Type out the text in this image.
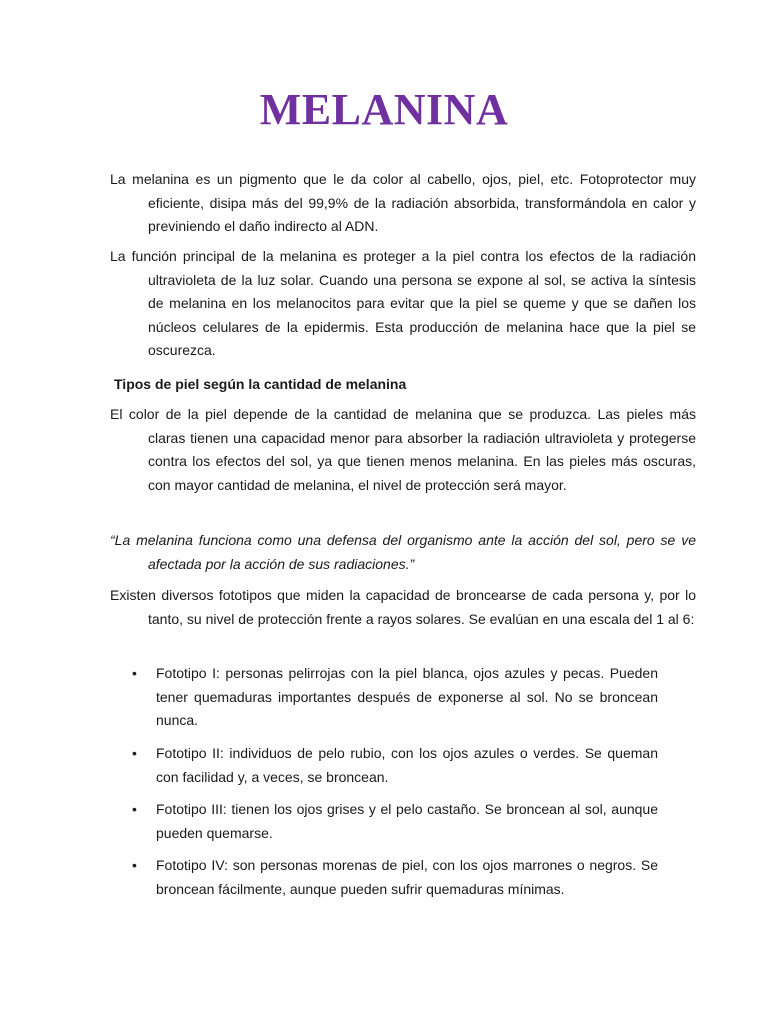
MELANINA

La melanina es un pigmento que le da color al cabello, ojos, piel, etc. Fotoprotector muy eficiente, disipa más del 99,9% de la radiación absorbida, transformándola en calor y previniendo el daño indirecto al ADN.

La función principal de la melanina es proteger a la piel contra los efectos de la radiación ultravioleta de la luz solar. Cuando una persona se expone al sol, se activa la síntesis de melanina en los melanocitos para evitar que la piel se queme y que se dañen los núcleos celulares de la epidermis. Esta producción de melanina hace que la piel se oscurezca.

Tipos de piel según la cantidad de melanina

El color de la piel depende de la cantidad de melanina que se produzca. Las pieles más claras tienen una capacidad menor para absorber la radiación ultravioleta y protegerse contra los efectos del sol, ya que tienen menos melanina. En las pieles más oscuras, con mayor cantidad de melanina, el nivel de protección será mayor.

“La melanina funciona como una defensa del organismo ante la acción del sol, pero se ve afectada por la acción de sus radiaciones.”

Existen diversos fototipos que miden la capacidad de broncearse de cada persona y, por lo tanto, su nivel de protección frente a rayos solares. Se evalúan en una escala del 1 al 6:

• Fototipo I: personas pelirrojas con la piel blanca, ojos azules y pecas. Pueden tener quemaduras importantes después de exponerse al sol. No se broncean nunca.
• Fototipo II: individuos de pelo rubio, con los ojos azules o verdes. Se queman con facilidad y, a veces, se broncean.
• Fototipo III: tienen los ojos grises y el pelo castaño. Se broncean al sol, aunque pueden quemarse.
• Fototipo IV: son personas morenas de piel, con los ojos marrones o negros. Se broncean fácilmente, aunque pueden sufrir quemaduras mínimas.
